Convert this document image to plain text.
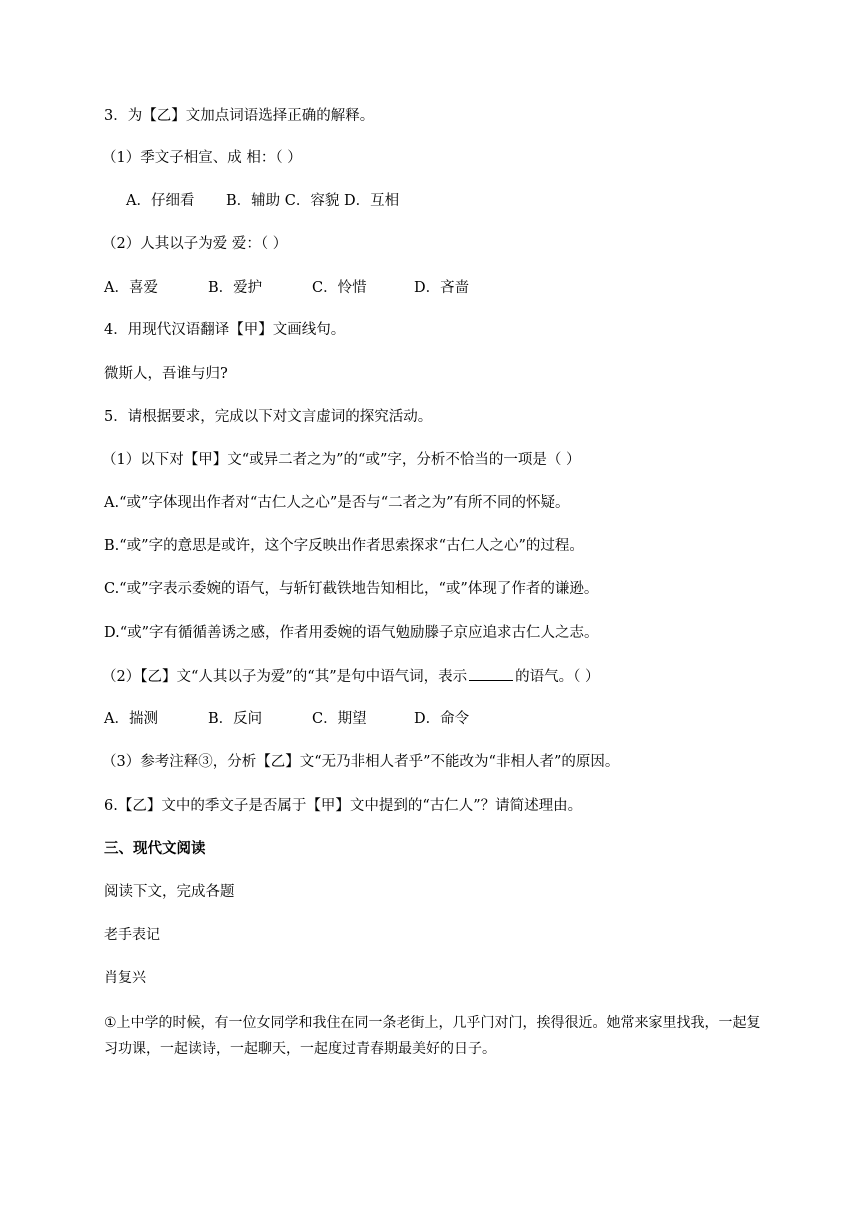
3．为【乙】文加点词语选择正确的解释。
（1）季文子相宣、成 相：（ ）
A．仔细看 B．辅助 C．容貌 D．互相
（2）人其以子为爱 爱：（ ）
A．喜爱	B．爱护	C．怜惜	D．吝啬
4．用现代汉语翻译【甲】文画线句。
微斯人，吾谁与归?
5．请根据要求，完成以下对文言虚词的探究活动。
（1）以下对【甲】文“或异二者之为”的“或”字，分析不恰当的一项是（ ）
A.“或”字体现出作者对“古仁人之心”是否与“二者之为”有所不同的怀疑。
B.“或”字的意思是或许，这个字反映出作者思索探求“古仁人之心”的过程。
C.“或”字表示委婉的语气，与斩钉截铁地告知相比，“或”体现了作者的谦逊。
D.“或”字有循循善诱之感，作者用委婉的语气勉励滕子京应追求古仁人之志。
（2）【乙】文“人其以子为爱”的“其”是句中语气词，表示	的语气。（ ）
A．揣测	B．反问	C．期望	D．命令
（3）参考注释③，分析【乙】文“无乃非相人者乎”不能改为“非相人者”的原因。
6.【乙】文中的季文子是否属于【甲】文中提到的“古仁人”？请简述理由。
三、现代文阅读
阅读下文，完成各题
老手表记
肖复兴
①上中学的时候，有一位女同学和我住在同一条老街上，几乎门对门，挨得很近。她常来家里找我，一起复习功课，一起读诗，一起聊天，一起度过青春期最美好的日子。
